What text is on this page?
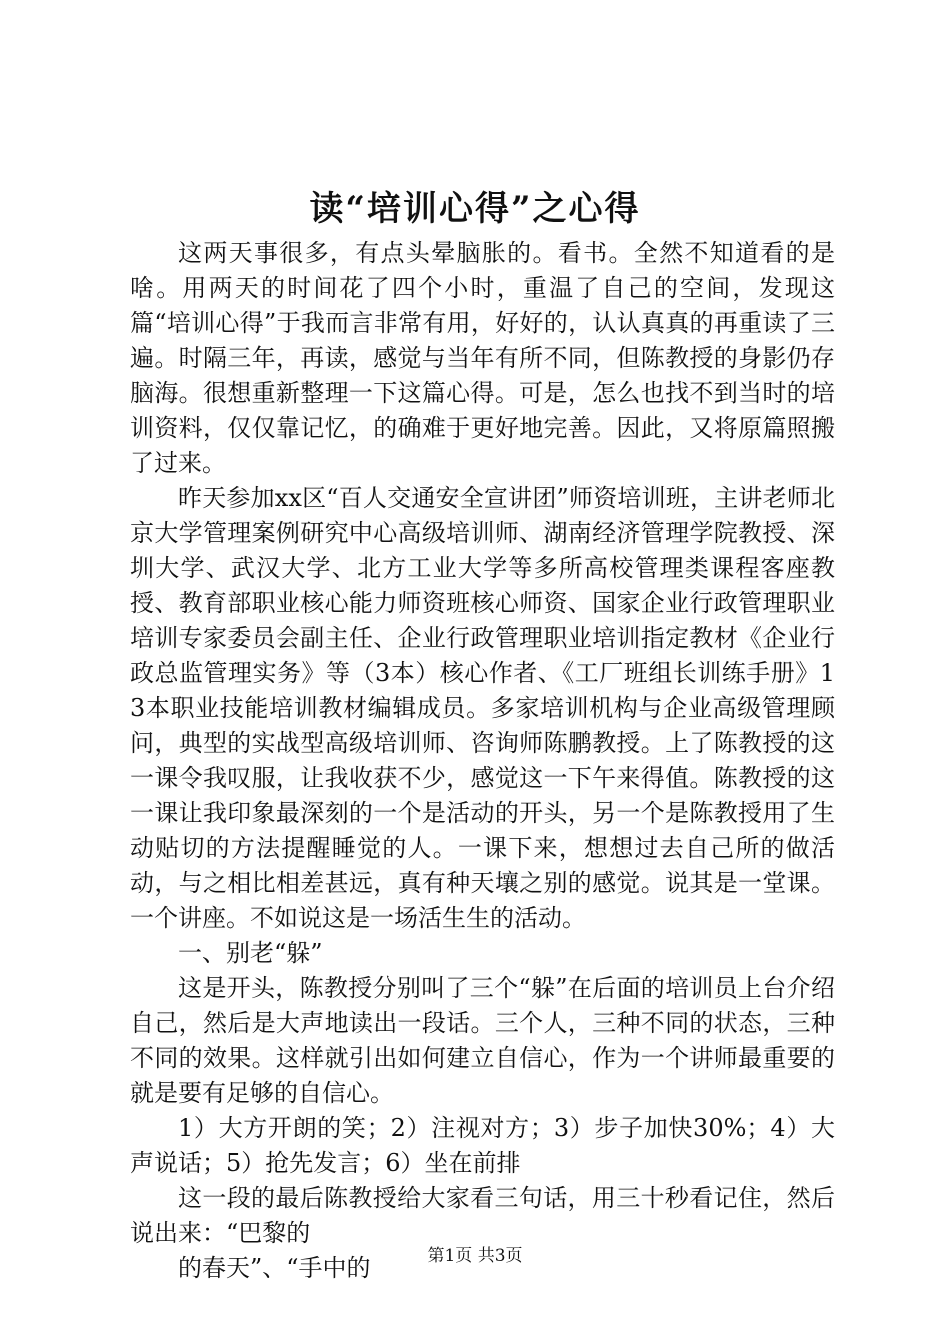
读“培训心得”之心得

这两天事很多，有点头晕脑胀的。看书。全然不知道看的是啥。用两天的时间花了四个小时，重温了自己的空间，发现这篇“培训心得”于我而言非常有用，好好的，认认真真的再重读了三遍。时隔三年，再读，感觉与当年有所不同，但陈教授的身影仍存脑海。很想重新整理一下这篇心得。可是，怎么也找不到当时的培训资料，仅仅靠记忆，的确难于更好地完善。因此，又将原篇照搬了过来。

昨天参加xx区“百人交通安全宣讲团”师资培训班，主讲老师北京大学管理案例研究中心高级培训师、湖南经济管理学院教授、深圳大学、武汉大学、北方工业大学等多所高校管理类课程客座教授、教育部职业核心能力师资班核心师资、国家企业行政管理职业培训专家委员会副主任、企业行政管理职业培训指定教材《企业行政总监管理实务》等（3本）核心作者、《工厂班组长训练手册》13本职业技能培训教材编辑成员。多家培训机构与企业高级管理顾问，典型的实战型高级培训师、咨询师陈鹏教授。上了陈教授的这一课令我叹服，让我收获不少，感觉这一下午来得值。陈教授的这一课让我印象最深刻的一个是活动的开头，另一个是陈教授用了生动贴切的方法提醒睡觉的人。一课下来，想想过去自己所的做活动，与之相比相差甚远，真有种天壤之别的感觉。说其是一堂课。一个讲座。不如说这是一场活生生的活动。

一、别老“躲”

这是开头，陈教授分别叫了三个“躲”在后面的培训员上台介绍自己，然后是大声地读出一段话。三个人，三种不同的状态，三种不同的效果。这样就引出如何建立自信心，作为一个讲师最重要的就是要有足够的自信心。

1）大方开朗的笑；2）注视对方；3）步子加快30%；4）大声说话；5）抢先发言；6）坐在前排

这一段的最后陈教授给大家看三句话，用三十秒看记住，然后说出来：“巴黎的

的春天”、“手中的	第1页 共3页
